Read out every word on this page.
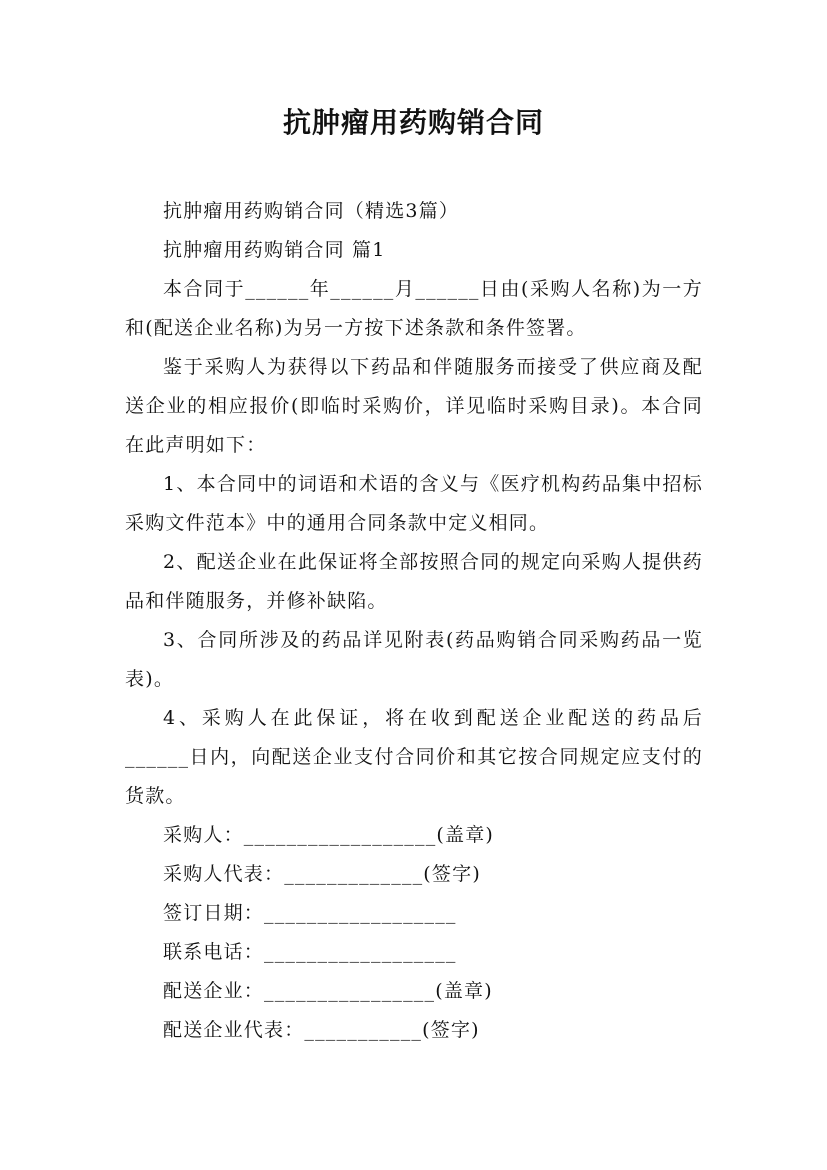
抗肿瘤用药购销合同

抗肿瘤用药购销合同（精选3篇）

抗肿瘤用药购销合同 篇1

本合同于______年______月______日由(采购人名称)为一方和(配送企业名称)为另一方按下述条款和条件签署。

鉴于采购人为获得以下药品和伴随服务而接受了供应商及配送企业的相应报价(即临时采购价，详见临时采购目录)。本合同在此声明如下：

1、本合同中的词语和术语的含义与《医疗机构药品集中招标采购文件范本》中的通用合同条款中定义相同。

2、配送企业在此保证将全部按照合同的规定向采购人提供药品和伴随服务，并修补缺陷。

3、合同所涉及的药品详见附表(药品购销合同采购药品一览表)。

4、采购人在此保证，将在收到配送企业配送的药品后______日内，向配送企业支付合同价和其它按合同规定应支付的货款。

采购人：__________________(盖章)

采购人代表：_____________(签字)

签订日期：__________________

联系电话：__________________

配送企业：________________(盖章)

配送企业代表：___________(签字)
